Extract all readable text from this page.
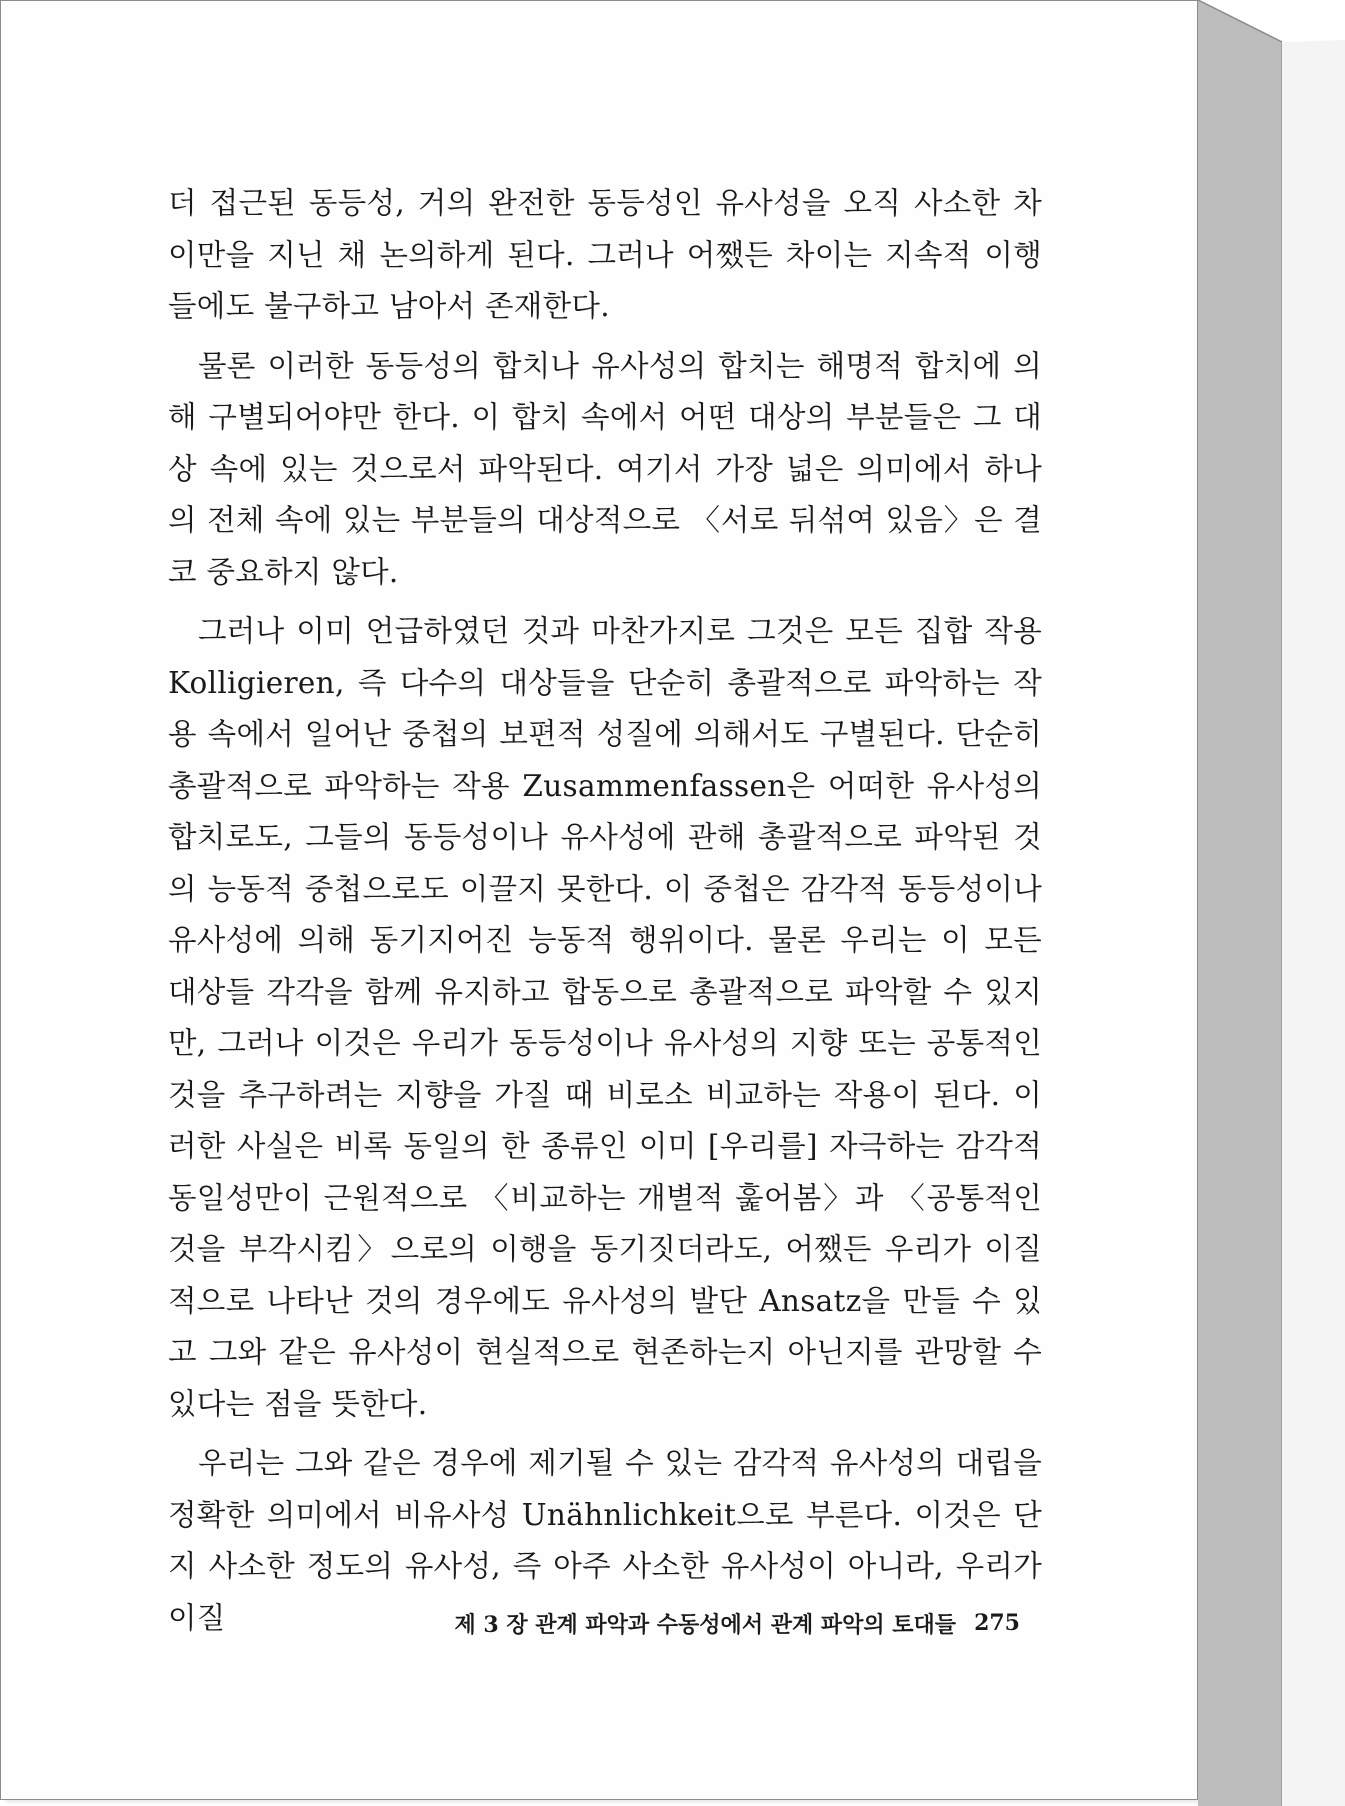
더 접근된 동등성, 거의 완전한 동등성인 유사성을 오직 사소한 차이만을 지닌 채 논의하게 된다. 그러나 어쨌든 차이는 지속적 이행들에도 불구하고 남아서 존재한다.

물론 이러한 동등성의 합치나 유사성의 합치는 해명적 합치에 의해 구별되어야만 한다. 이 합치 속에서 어떤 대상의 부분들은 그 대상 속에 있는 것으로서 파악된다. 여기서 가장 넓은 의미에서 하나의 전체 속에 있는 부분들의 대상적으로 〈서로 뒤섞여 있음〉은 결코 중요하지 않다.

그러나 이미 언급하였던 것과 마찬가지로 그것은 모든 집합 작용 Kolligieren, 즉 다수의 대상들을 단순히 총괄적으로 파악하는 작용 속에서 일어난 중첩의 보편적 성질에 의해서도 구별된다. 단순히 총괄적으로 파악하는 작용 Zusammenfassen은 어떠한 유사성의 합치로도, 그들의 동등성이나 유사성에 관해 총괄적으로 파악된 것의 능동적 중첩으로도 이끌지 못한다. 이 중첩은 감각적 동등성이나 유사성에 의해 동기지어진 능동적 행위이다. 물론 우리는 이 모든 대상들 각각을 함께 유지하고 합동으로 총괄적으로 파악할 수 있지만, 그러나 이것은 우리가 동등성이나 유사성의 지향 또는 공통적인 것을 추구하려는 지향을 가질 때 비로소 비교하는 작용이 된다. 이러한 사실은 비록 동일의 한 종류인 이미 [우리를] 자극하는 감각적 동일성만이 근원적으로 〈비교하는 개별적 훑어봄〉과 〈공통적인 것을 부각시킴〉으로의 이행을 동기짓더라도, 어쨌든 우리가 이질적으로 나타난 것의 경우에도 유사성의 발단 Ansatz을 만들 수 있고 그와 같은 유사성이 현실적으로 현존하는지 아닌지를 관망할 수 있다는 점을 뜻한다.

우리는 그와 같은 경우에 제기될 수 있는 감각적 유사성의 대립을 정확한 의미에서 비유사성 Unähnlichkeit으로 부른다. 이것은 단지 사소한 정도의 유사성, 즉 아주 사소한 유사성이 아니라, 우리가 이질	제 3 장 관계 파악과 수동성에서 관계 파악의 토대들 275
